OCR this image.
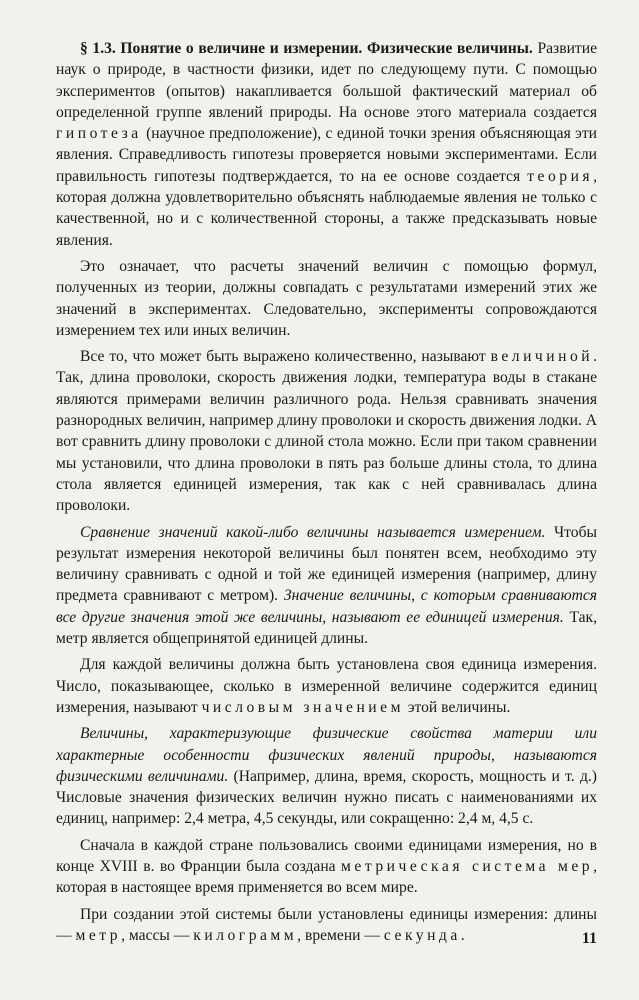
§ 1.3. Понятие о величине и измерении. Физические величины. Развитие наук о природе, в частности физики, идет по следующему пути. С помощью экспериментов (опытов) накапливается большой фактический материал об определенной группе явлений природы. На основе этого материала создается гипотеза (научное предположение), с единой точки зрения объясняющая эти явления. Справедливость гипотезы проверяется новыми экспериментами. Если правильность гипотезы подтверждается, то на ее основе создается теория, которая должна удовлетворительно объяснять наблюдаемые явления не только с качественной, но и с количественной стороны, а также предсказывать новые явления.

Это означает, что расчеты значений величин с помощью формул, полученных из теории, должны совпадать с результатами измерений этих же значений в экспериментах. Следовательно, эксперименты сопровождаются измерением тех или иных величин.

Все то, что может быть выражено количественно, называют величиной. Так, длина проволоки, скорость движения лодки, температура воды в стакане являются примерами величин различного рода. Нельзя сравнивать значения разнородных величин, например длину проволоки и скорость движения лодки. А вот сравнить длину проволоки с длиной стола можно. Если при таком сравнении мы установили, что длина проволоки в пять раз больше длины стола, то длина стола является единицей измерения, так как с ней сравнивалась длина проволоки.

Сравнение значений какой-либо величины называется измерением. Чтобы результат измерения некоторой величины был понятен всем, необходимо эту величину сравнивать с одной и той же единицей измерения (например, длину предмета сравнивают с метром). Значение величины, с которым сравниваются все другие значения этой же величины, называют ее единицей измерения. Так, метр является общепринятой единицей длины.

Для каждой величины должна быть установлена своя единица измерения. Число, показывающее, сколько в измеренной величине содержится единиц измерения, называют числовым значением этой величины.

Величины, характеризующие физические свойства материи или характерные особенности физических явлений природы, называются физическими величинами. (Например, длина, время, скорость, мощность и т. д.) Числовые значения физических величин нужно писать с наименованиями их единиц, например: 2,4 метра, 4,5 секунды, или сокращенно: 2,4 м, 4,5 с.

Сначала в каждой стране пользовались своими единицами измерения, но в конце XVIII в. во Франции была создана метрическая система мер, которая в настоящее время применяется во всем мире.

При создании этой системы были установлены единицы измерения: длины — метр, массы — килограмм, времени — секунда.	11
